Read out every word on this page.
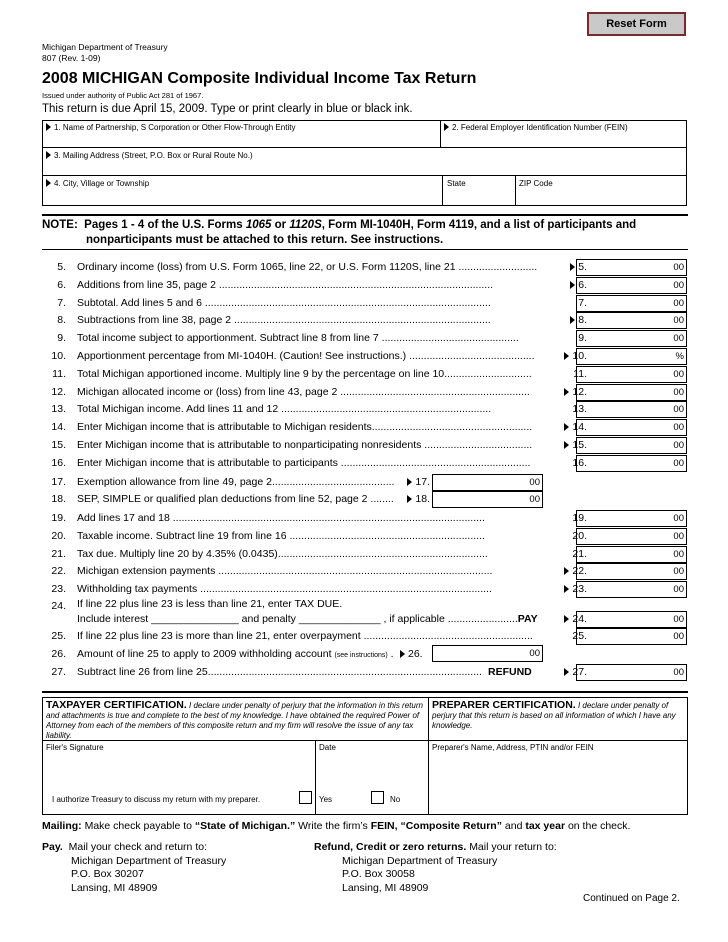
Reset Form
Michigan Department of Treasury
807 (Rev. 1-09)
2008 MICHIGAN Composite Individual Income Tax Return
Issued under authority of Public Act 281 of 1967.
This return is due April 15, 2009. Type or print clearly in blue or black ink.
1. Name of Partnership, S Corporation or Other Flow-Through Entity	2. Federal Employer Identification Number (FEIN)
3. Mailing Address (Street, P.O. Box or Rural Route No.)
4. City, Village or Township	State	ZIP Code
NOTE: Pages 1 - 4 of the U.S. Forms 1065 or 1120S, Form MI-1040H, Form 4119, and a list of participants and
nonparticipants must be attached to this return. See instructions.
5. Ordinary income (loss) from U.S. Form 1065, line 22, or U.S. Form 1120S, line 21 ...........................	5.	00
6. Additions from line 35, page 2 ..............................................................................................	6.	00
7. Subtotal. Add lines 5 and 6 ..................................................................................................	7.	00
8. Subtractions from line 38, page 2 ........................................................................................	8.	00
9. Total income subject to apportionment. Subtract line 8 from line 7 ...............................................	9.	00
10. Apportionment percentage from MI-1040H. (Caution! See instructions.) ...........................................	10.	%
11. Total Michigan apportioned income. Multiply line 9 by the percentage on line 10..............................	11.	00
12. Michigan allocated income or (loss) from line 43, page 2 .................................................................	12.	00
13. Total Michigan income. Add lines 11 and 12 ........................................................................	13.	00
14. Enter Michigan income that is attributable to Michigan residents.......................................................	14.	00
15. Enter Michigan income that is attributable to nonparticipating nonresidents .....................................	15.	00
16. Enter Michigan income that is attributable to participants .................................................................	16.	00
17. Exemption allowance from line 49, page 2..........................................	17.	00
18. SEP, SIMPLE or qualified plan deductions from line 52, page 2 ........	18.	00
19. Add lines 17 and 18 ...........................................................................................................	19.	00
20. Taxable income. Subtract line 19 from line 16 ...................................................................	20.	00
21. Tax due. Multiply line 20 by 4.35% (0.0435)........................................................................	21.	00
22. Michigan extension payments ..............................................................................................	22.	00
23. Withholding tax payments ....................................................................................................	23.	00
24. If line 22 plus line 23 is less than line 21, enter TAX DUE.
Include interest _______________ and penalty ______________ , if applicable ........................PAY	24.	00
25. If line 22 plus line 23 is more than line 21, enter overpayment ..........................................................	25.	00
26. Amount of line 25 to apply to 2009 withholding account (see instructions) .	26.	00
27. Subtract line 26 from line 25.............................................................................................. REFUND	27.	00
TAXPAYER CERTIFICATION. I declare under penalty of perjury that the information in this return and attachments is true and complete to the best of my knowledge. I have obtained the required Power of Attorney from each of the members of this composite return and my firm will resolve the issue of any tax liability.
PREPARER CERTIFICATION. I declare under penalty of perjury that this return is based on all information of which I have any knowledge.
Filer's Signature	Date	Preparer's Name, Address, PTIN and/or FEIN
I authorize Treasury to discuss my return with my preparer.	Yes	No
Mailing: Make check payable to “State of Michigan.” Write the firm’s FEIN, “Composite Return” and tax year on the check.
Pay. Mail your check and return to:
Michigan Department of Treasury
P.O. Box 30207
Lansing, MI 48909
Refund, Credit or zero returns. Mail your return to:
Michigan Department of Treasury
P.O. Box 30058
Lansing, MI 48909
Continued on Page 2.
